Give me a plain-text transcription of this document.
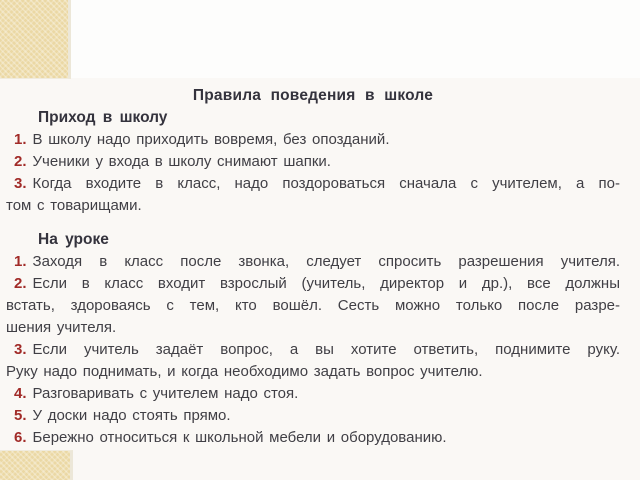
Правила поведения в школе
Приход в школу
1. В школу надо приходить вовремя, без опозданий.
2. Ученики у входа в школу снимают шапки.
3. Когда входите в класс, надо поздороваться сначала с учителем, а по-
том с товарищами.
На уроке
1. Заходя в класс после звонка, следует спросить разрешения учителя.
2. Если в класс входит взрослый (учитель, директор и др.), все должны
встать, здороваясь с тем, кто вошёл. Сесть можно только после разре-
шения учителя.
3. Если учитель задаёт вопрос, а вы хотите ответить, поднимите руку.
Руку надо поднимать, и когда необходимо задать вопрос учителю.
4. Разговаривать с учителем надо стоя.
5. У доски надо стоять прямо.
6. Бережно относиться к школьной мебели и оборудованию.
